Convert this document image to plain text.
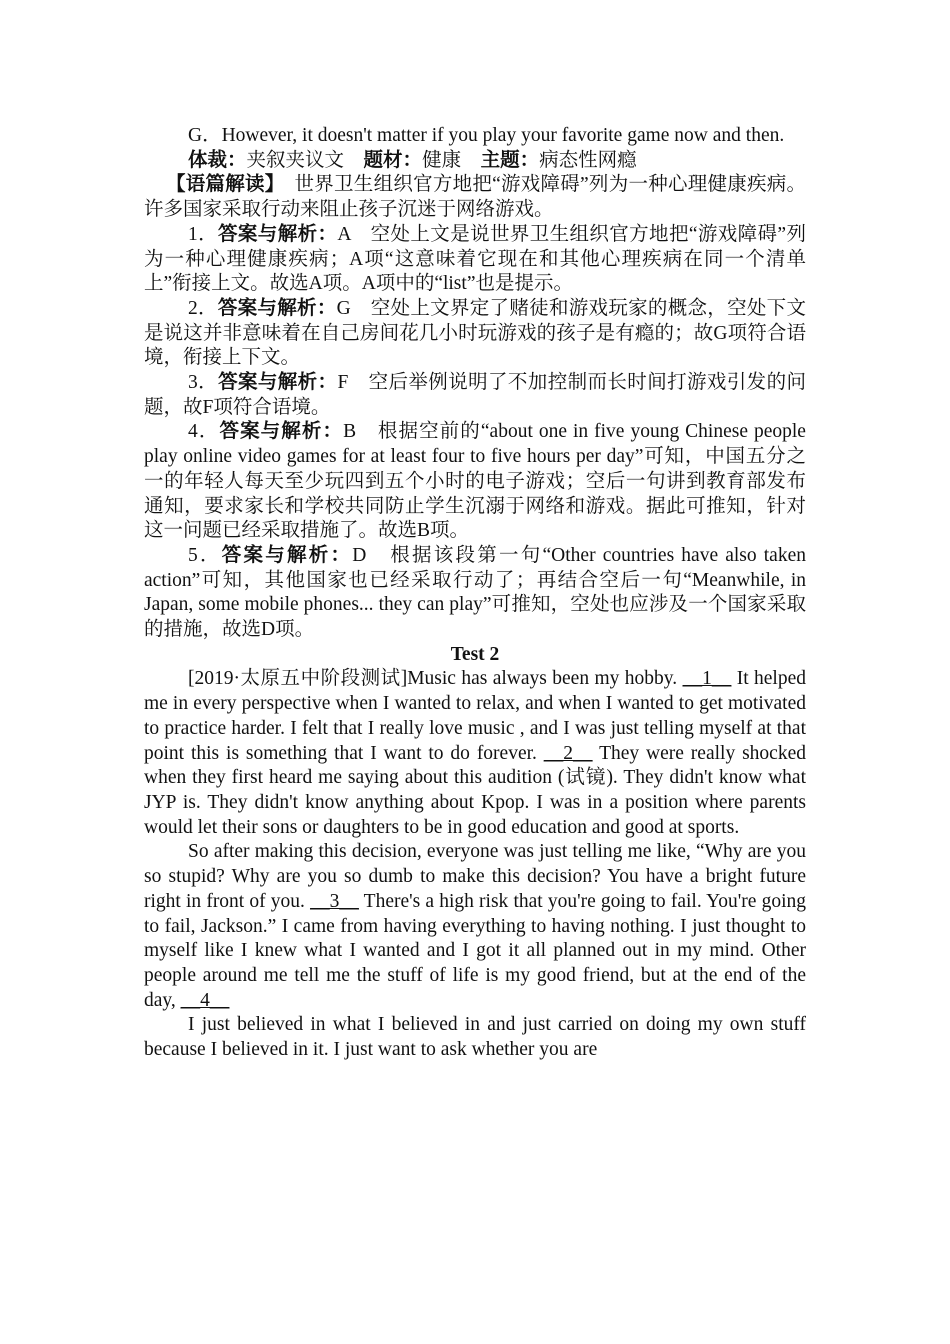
G．However, it doesn't matter if you play your favorite game now and then.

体裁：夹叙夹议文　 题材：健康　 主题：病态性网瘾

【语篇解读】　 世界卫生组织官方地把“游戏障碍”列为一种心理健康疾病。许多国家采取行动来阻止孩子沉迷于网络游戏。

1．答案与解析：A　空处上文是说世界卫生组织官方地把“游戏障碍”列为一种心理健康疾病；A项“这意味着它现在和其他心理疾病在同一个清单上”衔接上文。故选A项。A项中的“list”也是提示。

2．答案与解析：G　空处上文界定了赌徒和游戏玩家的概念，空处下文是说这并非意味着在自己房间花几小时玩游戏的孩子是有瘾的；故G项符合语境，衔接上下文。

3．答案与解析：F　空后举例说明了不加控制而长时间打游戏引发的问题，故F项符合语境。

4．答案与解析：B　根据空前的“about one in five young Chinese people play online video games for at least four to five hours per day”可知，中国五分之一的年轻人每天至少玩四到五个小时的电子游戏；空后一句讲到教育部发布通知，要求家长和学校共同防止学生沉溺于网络和游戏。据此可推知，针对这一问题已经采取措施了。故选B项。

5．答案与解析：D　根据该段第一句“Other countries have also taken action”可知，其他国家也已经采取行动了；再结合空后一句“Meanwhile, in Japan, some mobile phones... they can play”可推知，空处也应涉及一个国家采取的措施，故选D项。

Test 2

[2019·太原五中阶段测试]Music has always been my hobby. __1__ It helped me in every perspective when I wanted to relax, and when I wanted to get motivated to practice harder. I felt that I really love music , and I was just telling myself at that point this is something that I want to do forever. __2__ They were really shocked when they first heard me saying about this audition (试镜). They didn't know what JYP is. They didn't know anything about Kpop. I was in a position where parents would let their sons or daughters to be in good education and good at sports.

So after making this decision, everyone was just telling me like, “Why are you so stupid? Why are you so dumb to make this decision? You have a bright future right in front of you. __3__ There's a high risk that you're going to fail. You're going to fail, Jackson.” I came from having everything to having nothing. I just thought to myself like I knew what I wanted and I got it all planned out in my mind. Other people around me tell me the stuff of life is my good friend, but at the end of the day, __4__

I just believed in what I believed in and just carried on doing my own stuff because I believed in it. I just want to ask whether you are
